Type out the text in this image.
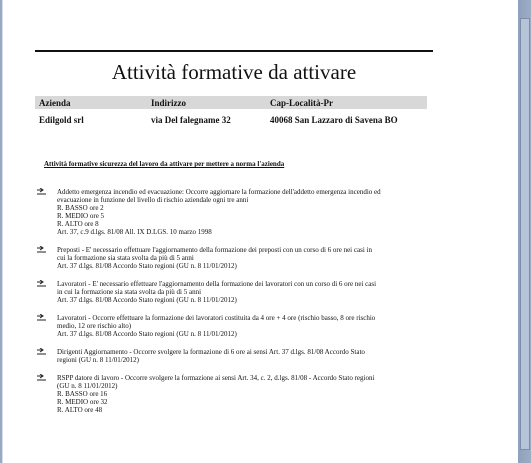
Attività formative da attivare
Azienda	Indirizzo	Cap-Località-Pr
Edilgold srl	via Del falegname 32	40068 San Lazzaro di Savena BO
Attività formative sicurezza del lavoro da attivare per mettere a norma l'azienda
Addetto emergenza incendio ed evacuazione: Occorre aggiornare la formazione dell'addetto emergenza incendio ed
evacuazione in funzione del livello di rischio aziendale ogni tre anni
R. BASSO ore 2
R. MEDIO ore 5
R. ALTO ore 8
Art. 37, c.9 d.lgs. 81/08 All. IX D.LGS. 10 marzo 1998
Preposti - E' necessario effettuare l'aggiornamento della formazione dei preposti con un corso di 6 ore nei casi in
cui la formazione sia stata svolta da più di 5 anni
Art. 37 d.lgs. 81/08 Accordo Stato regioni (GU n. 8 11/01/2012)
Lavoratori - E' necessario effettuare l'aggiornamento della formazione dei lavoratori con un corso di 6 ore nei casi
in cui la formazione sia stata svolta da più di 5 anni
Art. 37 d.lgs. 81/08 Accordo Stato regioni (GU n. 8 11/01/2012)
Lavoratori - Occorre effettuare la formazione dei lavoratori costituita da 4 ore + 4 ore (rischio basso, 8 ore rischio
medio, 12 ore rischio alto)
Art. 37 d.lgs. 81/08 Accordo Stato regioni (GU n. 8 11/01/2012)
Dirigenti Aggiornamento - Occorre svolgere la formazione di 6 ore ai sensi Art. 37 d.lgs. 81/08 Accordo Stato
regioni (GU n. 8 11/01/2012)
RSPP datore di lavoro - Occorre svolgere la formazione ai sensi Art. 34, c. 2, d.lgs. 81/08 - Accordo Stato regioni
(GU n. 8 11/01/2012)
R. BASSO ore 16
R. MEDIO ore 32
R. ALTO ore 48
